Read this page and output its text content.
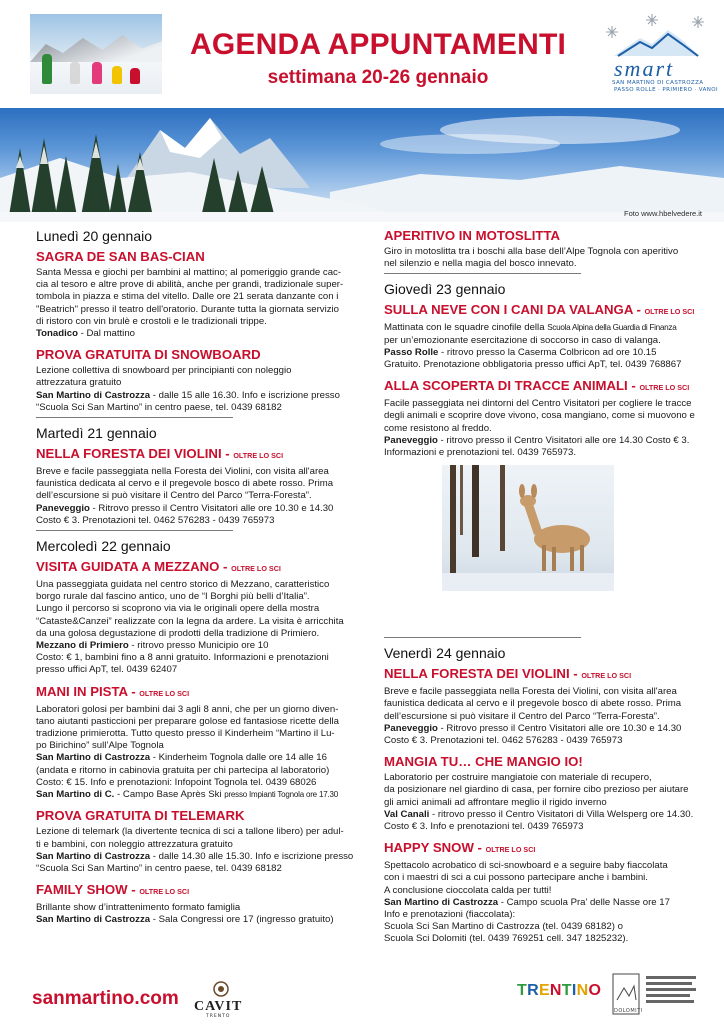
AGENDA APPUNTAMENTI
settimana 20-26 gennaio	smart
SAN MARTINO DI CASTROZZA
PASSO ROLLE · PRIMIERO · VANOI
Foto www.hbelvedere.it
Lunedì 20 gennaio
SAGRA DE SAN BAS-CIAN
Santa Messa e giochi per bambini al mattino; al pomeriggio grande cac-
cia al tesoro e altre prove di abilità, anche per grandi, tradizionale super-
tombola in piazza e stima del vitello. Dalle ore 21 serata danzante con i
"Beatrich" presso il teatro dell'oratorio. Durante tutta la giornata servizio
di ristoro con vin brulè e crostoli e le tradizionali trippe.
Tonadico - Dal mattino
PROVA GRATUITA DI SNOWBOARD
Lezione collettiva di snowboard per principianti con noleggio
attrezzatura gratuito
San Martino di Castrozza - dalle 15 alle 16.30. Info e iscrizione presso
“Scuola Sci San Martino” in centro paese, tel. 0439 68182
Martedì 21 gennaio
NELLA FORESTA DEI VIOLINI - OLTRE LO SCI
Breve e facile passeggiata nella Foresta dei Violini, con visita all'area
faunistica dedicata al cervo e il pregevole bosco di abete rosso. Prima
dell’escursione si può visitare il Centro del Parco “Terra-Foresta”.
Paneveggio - Ritrovo presso il Centro Visitatori alle ore 10.30 e 14.30
Costo € 3. Prenotazioni tel. 0462 576283 - 0439 765973
Mercoledì 22 gennaio
VISITA GUIDATA A MEZZANO - OLTRE LO SCI
Una passeggiata guidata nel centro storico di Mezzano, caratteristico
borgo rurale dal fascino antico, uno de “I Borghi più belli d’Italia”.
Lungo il percorso si scoprono via via le originali opere della mostra
“Cataste&Canzei” realizzate con la legna da ardere. La visita è arricchita
da una golosa degustazione di prodotti della tradizione di Primiero.
Mezzano di Primiero - ritrovo presso Municipio ore 10
Costo: € 1, bambini fino a 8 anni gratuito. Informazioni e prenotazioni
presso uffici ApT, tel. 0439 62407
MANI IN PISTA - OLTRE LO SCI
Laboratori golosi per bambini dai 3 agli 8 anni, che per un giorno diven-
tano aiutanti pasticcioni per preparare golose ed fantasiose ricette della
tradizione primierotta. Tutto questo presso il Kinderheim “Martino il Lu-
po Birichino” sull’Alpe Tognola
San Martino di Castrozza - Kinderheim Tognola dalle ore 14 alle 16
(andata e ritorno in cabinovia gratuita per chi partecipa al laboratorio)
Costo: € 15. Info e prenotazioni: Infopoint Tognola tel. 0439 68026
San Martino di C. - Campo Base Après Ski presso Impianti Tognola ore 17.30
PROVA GRATUITA DI TELEMARK
Lezione di telemark (la divertente tecnica di sci a tallone libero) per adul-
ti e bambini, con noleggio attrezzatura gratuito
San Martino di Castrozza - dalle 14.30 alle 15.30. Info e iscrizione presso
“Scuola Sci San Martino” in centro paese, tel. 0439 68182
FAMILY SHOW - OLTRE LO SCI
Brillante show d’intrattenimento formato famiglia
San Martino di Castrozza - Sala Congressi ore 17 (ingresso gratuito)
APERITIVO IN MOTOSLITTA
Giro in motoslitta tra i boschi alla base dell’Alpe Tognola con aperitivo
nel silenzio e nella magia del bosco innevato.
Giovedì 23 gennaio
SULLA NEVE CON I CANI DA VALANGA - OLTRE LO SCI
Mattinata con le squadre cinofile della Scuola Alpina della Guardia di Finanza
per un’emozionante esercitazione di soccorso in caso di valanga.
Passo Rolle - ritrovo presso la Caserma Colbricon ad ore 10.15
Gratuito. Prenotazione obbligatoria presso uffici ApT, tel. 0439 768867
ALLA SCOPERTA DI TRACCE ANIMALI - OLTRE LO SCI
Facile passeggiata nei dintorni del Centro Visitatori per cogliere le tracce
degli animali e scoprire dove vivono, cosa mangiano, come si muovono e
come resistono al freddo.
Paneveggio - ritrovo presso il Centro Visitatori alle ore 14.30 Costo € 3.
Informazioni e prenotazioni tel. 0439 765973.
Venerdì 24 gennaio
NELLA FORESTA DEI VIOLINI - OLTRE LO SCI
Breve e facile passeggiata nella Foresta dei Violini, con visita all'area
faunistica dedicata al cervo e il pregevole bosco di abete rosso. Prima
dell’escursione si può visitare il Centro del Parco “Terra-Foresta”.
Paneveggio - Ritrovo presso il Centro Visitatori alle ore 10.30 e 14.30
Costo € 3. Prenotazioni tel. 0462 576283 - 0439 765973
MANGIA TU… CHE MANGIO IO!
Laboratorio per costruire mangiatoie con materiale di recupero,
da posizionare nel giardino di casa, per fornire cibo prezioso per aiutare
gli amici animali ad affrontare meglio il rigido inverno
Val Canali - ritrovo presso il Centro Visitatori di Villa Welsperg ore 14.30.
Costo € 3. Info e prenotazioni tel. 0439 765973
HAPPY SNOW - OLTRE LO SCI
Spettacolo acrobatico di sci-snowboard e a seguire baby fiaccolata
con i maestri di sci a cui possono partecipare anche i bambini.
A conclusione cioccolata calda per tutti!
San Martino di Castrozza - Campo scuola Pra’ delle Nasse ore 17
Info e prenotazioni (fiaccolata):
Scuola Sci San Martino di Castrozza (tel. 0439 68182) o
Scuola Sci Dolomiti (tel. 0439 769251 cell. 347 1825232).
sanmartino.com CAVIT
TRENTO
TRENTINO
DOLOMITI
